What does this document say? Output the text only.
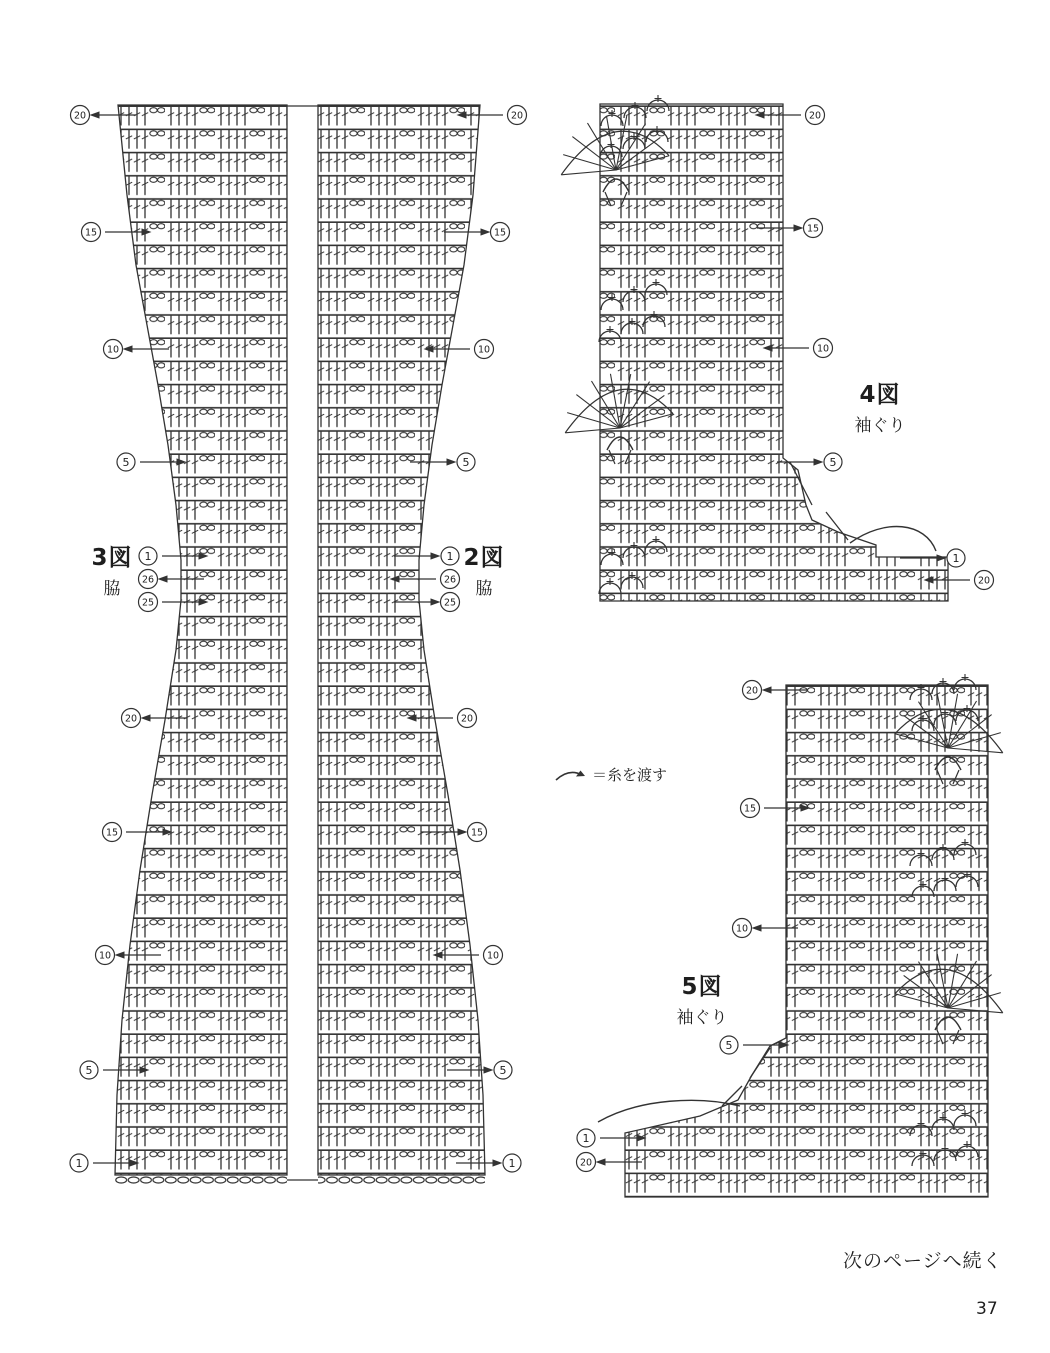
20
15
10
5
1
26
25
20
15
10
5
1
20
15
10
5
1
26
25
20
15
10
5
1
20
15
10
5
1
20
20
15
10
5
1
20
3図
脇
2図
脇
4図
袖ぐり
5図
袖ぐり
＝糸を渡す
次のページへ続く
37
